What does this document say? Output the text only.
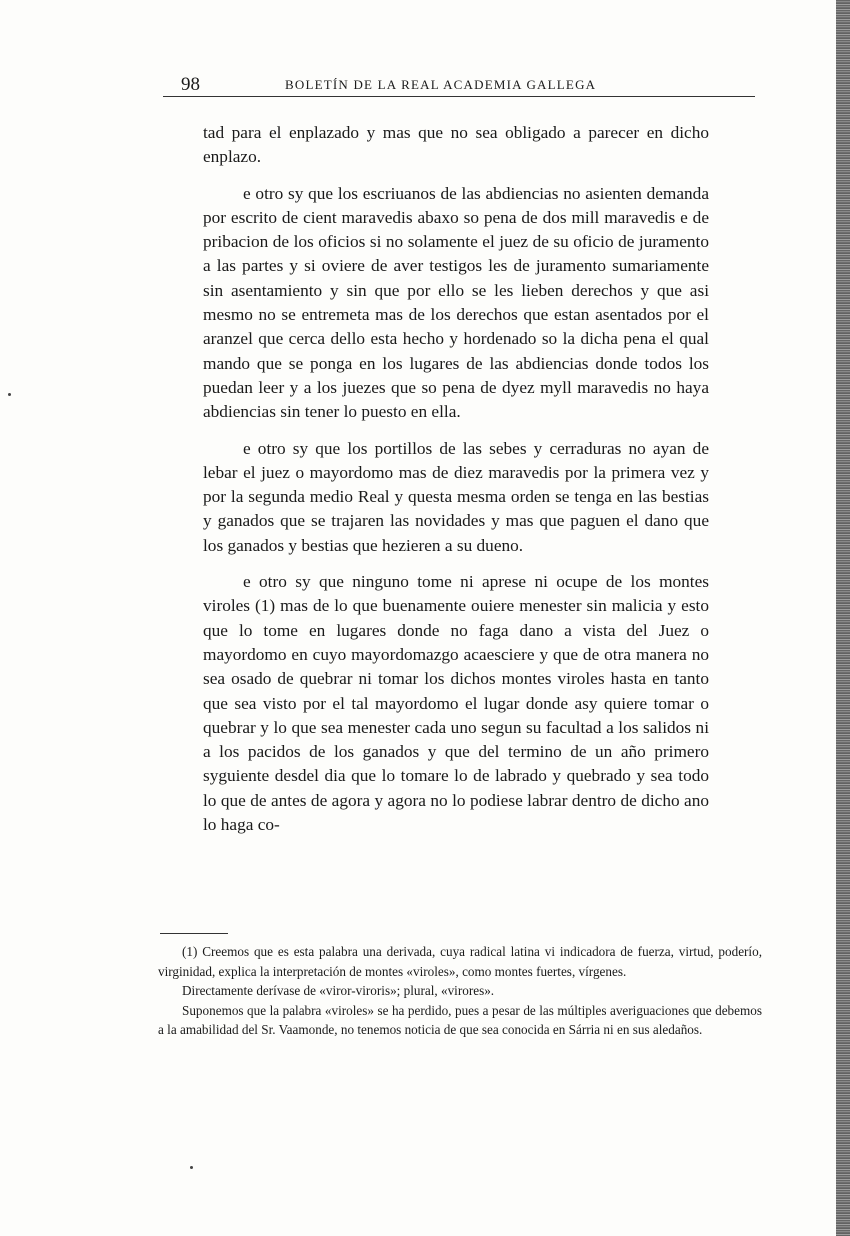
98	BOLETÍN DE LA REAL ACADEMIA GALLEGA

tad para el enplazado y mas que no sea obligado a parecer en dicho enplazo.

e otro sy que los escriuanos de las abdiencias no asienten demanda por escrito de cient maravedis abaxo so pena de dos mill maravedis e de pribacion de los oficios si no solamente el juez de su oficio de juramento a las partes y si oviere de aver testigos les de juramento sumariamente sin asentamiento y sin que por ello se les lieben derechos y que asi mesmo no se entremeta mas de los derechos que estan asentados por el aranzel que cerca dello esta hecho y hordenado so la dicha pena el qual mando que se ponga en los lugares de las abdiencias donde todos los puedan leer y a los juezes que so pena de dyez myll maravedis no haya abdiencias sin tener lo puesto en ella.

e otro sy que los portillos de las sebes y cerraduras no ayan de lebar el juez o mayordomo mas de diez maravedis por la primera vez y por la segunda medio Real y questa mesma orden se tenga en las bestias y ganados que se trajaren las novidades y mas que paguen el dano que los ganados y bestias que hezieren a su dueno.

e otro sy que ninguno tome ni aprese ni ocupe de los montes viroles (1) mas de lo que buenamente ouiere menester sin malicia y esto que lo tome en lugares donde no faga dano a vista del Juez o mayordomo en cuyo mayordomazgo acaesciere y que de otra manera no sea osado de quebrar ni tomar los dichos montes viroles hasta en tanto que sea visto por el tal mayordomo el lugar donde asy quiere tomar o quebrar y lo que sea menester cada uno segun su facultad a los salidos ni a los pacidos de los ganados y que del termino de un año primero syguiente desdel dia que lo tomare lo de labrado y quebrado y sea todo lo que de antes de agora y agora no lo podiese labrar dentro de dicho ano lo haga co-

(1) Creemos que es esta palabra una derivada, cuya radical latina vi indicadora de fuerza, virtud, poderío, virginidad, explica la interpretación de montes «viroles», como montes fuertes, vírgenes.

Directamente derívase de «viror-viroris»; plural, «virores».

Suponemos que la palabra «viroles» se ha perdido, pues a pesar de las múltiples averiguaciones que debemos a la amabilidad del Sr. Vaamonde, no tenemos noticia de que sea conocida en Sárria ni en sus aledaños.
